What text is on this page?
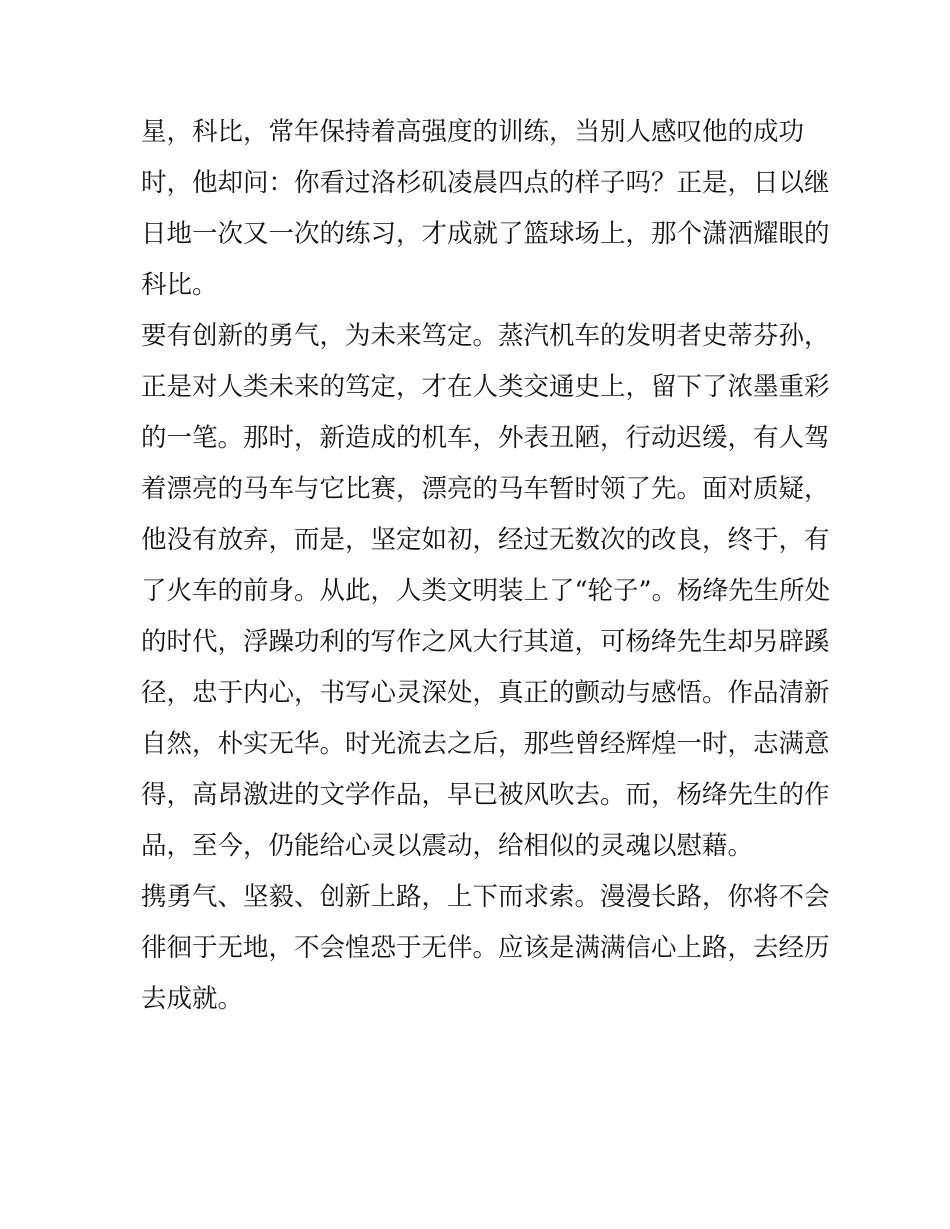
星，科比，常年保持着高强度的训练，当别人感叹他的成功
时，他却问：你看过洛杉矶凌晨四点的样子吗？正是，日以继
日地一次又一次的练习，才成就了篮球场上，那个潇洒耀眼的
科比。
要有创新的勇气，为未来笃定。蒸汽机车的发明者史蒂芬孙，
正是对人类未来的笃定，才在人类交通史上，留下了浓墨重彩
的一笔。那时，新造成的机车，外表丑陋，行动迟缓，有人驾
着漂亮的马车与它比赛，漂亮的马车暂时领了先。面对质疑，
他没有放弃，而是，坚定如初，经过无数次的改良，终于，有
了火车的前身。从此，人类文明装上了“轮子”。杨绛先生所处
的时代，浮躁功利的写作之风大行其道，可杨绛先生却另辟蹊
径，忠于内心，书写心灵深处，真正的颤动与感悟。作品清新
自然，朴实无华。时光流去之后，那些曾经辉煌一时，志满意
得，高昂激进的文学作品，早已被风吹去。而，杨绛先生的作
品，至今，仍能给心灵以震动，给相似的灵魂以慰藉。
携勇气、坚毅、创新上路，上下而求索。漫漫长路，你将不会
徘徊于无地，不会惶恐于无伴。应该是满满信心上路，去经历
去成就。
